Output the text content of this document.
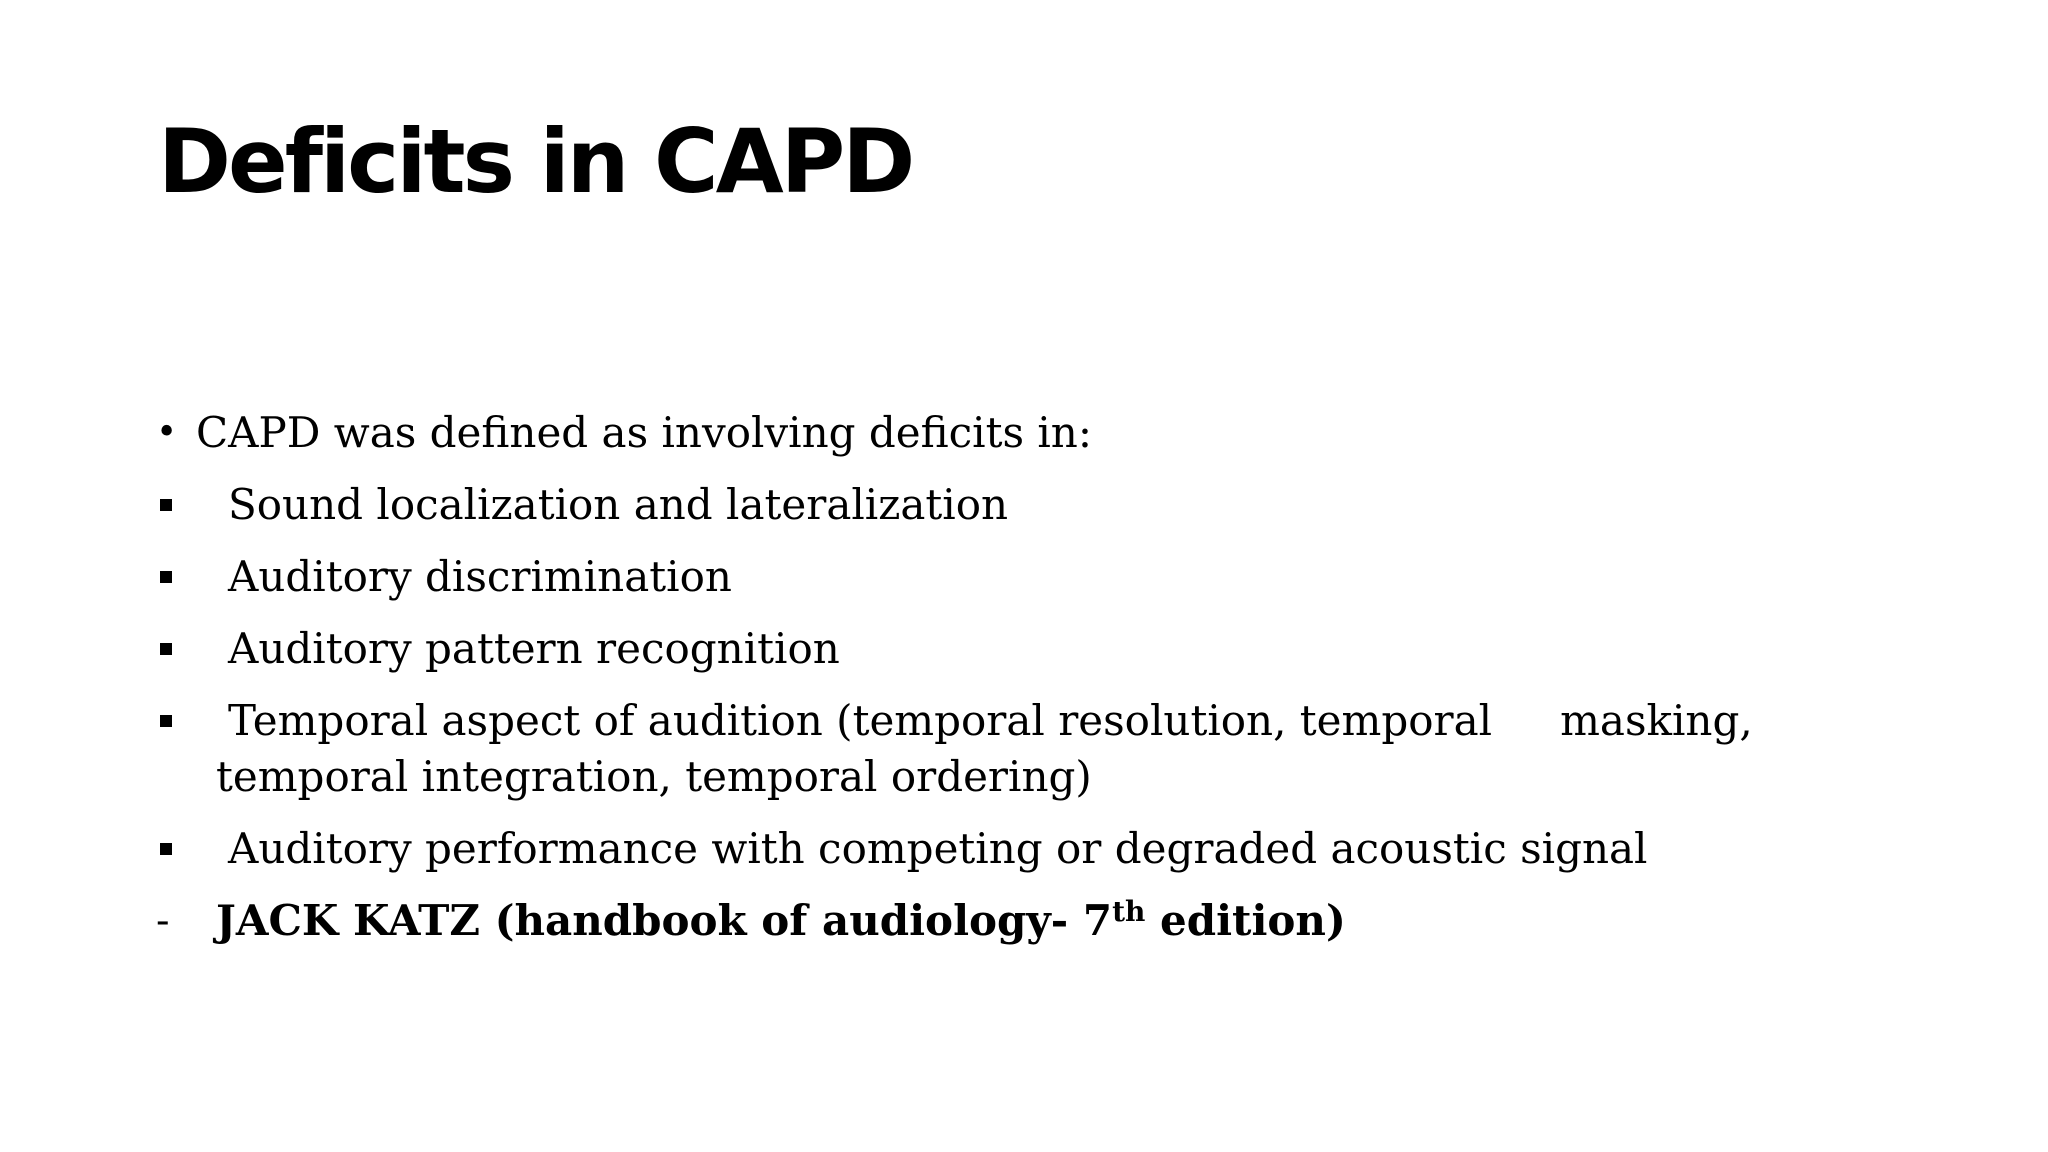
Deficits in CAPD
• CAPD was defined as involving deficits in:
Sound localization and lateralization
Auditory discrimination
Auditory pattern recognition
Temporal aspect of audition (temporal resolution, temporal masking,
temporal integration, temporal ordering)
Auditory performance with competing or degraded acoustic signal
-	JACK KATZ (handbook of audiology- 7th edition)
